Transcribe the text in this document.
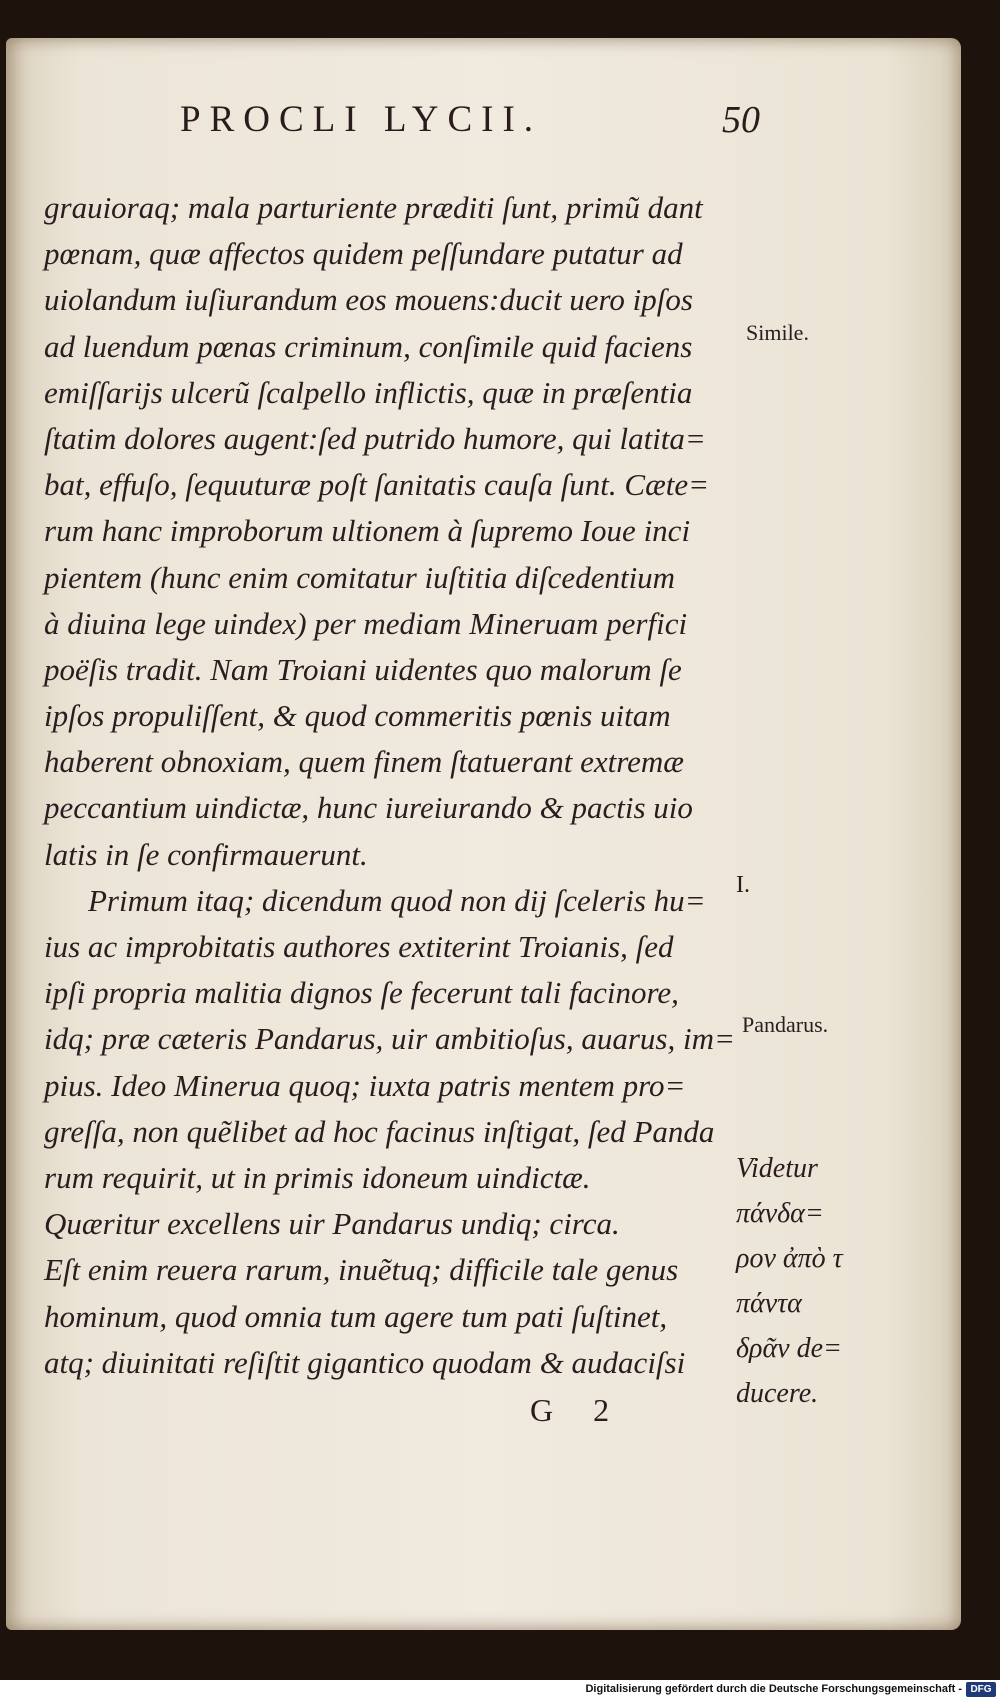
PROCLI LYCII.	50
grauioraq; mala parturiente præditi ſunt, primũ dant
pœnam, quæ affectos quidem peſſundare putatur ad
uiolandum iuſiurandum eos mouens:ducit uero ipſos
ad luendum pœnas criminum, conſimile quid faciens
emiſſarijs ulcerũ ſcalpello inflictis, quæ in præſentia
ſtatim dolores augent:ſed putrido humore, qui latita=
bat, effuſo, ſequuturæ poſt ſanitatis cauſa ſunt. Cæte=
rum hanc improborum ultionem à ſupremo Ioue inci
pientem (hunc enim comitatur iuſtitia diſcedentium
à diuina lege uindex) per mediam Mineruam perfici
poëſis tradit. Nam Troiani uidentes quo malorum ſe
ipſos propuliſſent, & quod commeritis pœnis uitam
haberent obnoxiam, quem finem ſtatuerant extremæ
peccantium uindictæ, hunc iureiurando & pactis uio
latis in ſe confirmauerunt.
Primum itaq; dicendum quod non dij ſceleris hu=
ius ac improbitatis authores extiterint Troianis, ſed
ipſi propria malitia dignos ſe fecerunt tali facinore,
idq; præ cæteris Pandarus, uir ambitioſus, auarus, im=
pius. Ideo Minerua quoq; iuxta patris mentem pro=
greſſa, non quẽlibet ad hoc facinus inſtigat, ſed Panda
rum requirit, ut in primis idoneum uindictæ.
Quæritur excellens uir Pandarus undiq; circa.
Eſt enim reuera rarum, inuẽtuq; difficile tale genus
hominum, quod omnia tum agere tum pati ſuſtinet,
atq; diuinitati reſiſtit gigantico quodam & audaciſsi
Simile.
I.
Pandarus.
Videtur
πάνδα=
ρον ἀπὸ τ
πάντα
δρᾶν de=
ducere.
G 2
Digitalisierung gefördert durch die Deutsche Forschungsgemeinschaft - DFG
